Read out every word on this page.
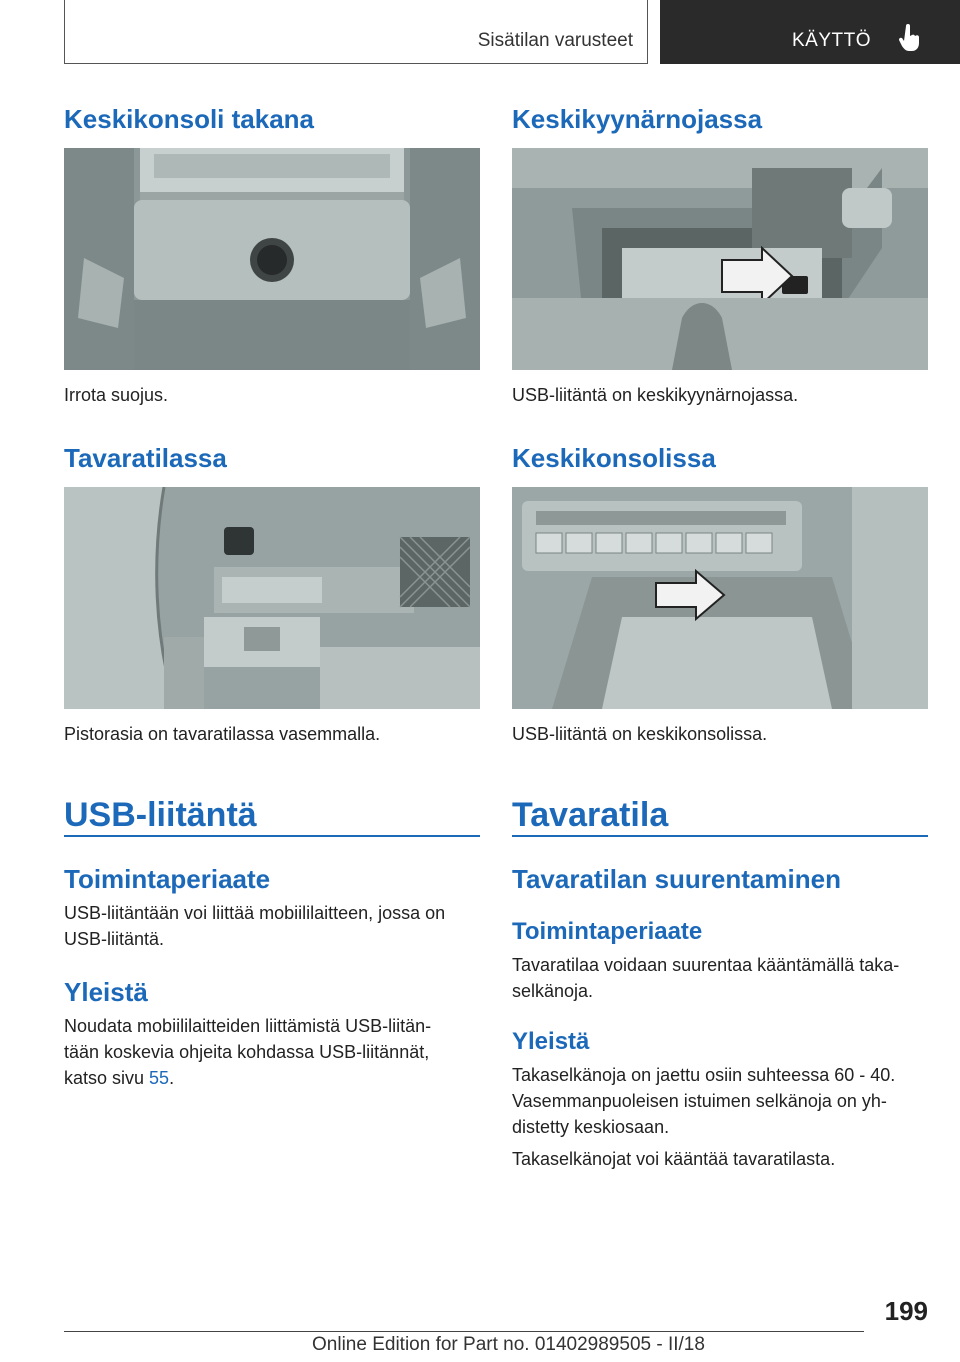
Sisätilan varusteet	KÄYTTÖ
Keskikonsoli takana

Irrota suojus.

Tavaratilassa

Pistorasia on tavaratilassa vasemmalla.

USB-liitäntä
Toimintaperiaate

USB-liitäntään voi liittää mobiililaitteen, jossa on
USB-liitäntä.

Yleistä

Noudata mobiililaitteiden liittämistä USB-liitän-
tään koskevia ohjeita kohdassa USB-liitännät,
katso sivu 55.

Keskikyynärnojassa

USB-liitäntä on keskikyynärnojassa.

Keskikonsolissa

USB-liitäntä on keskikonsolissa.

Tavaratila
Tavaratilan suurentaminen
Toimintaperiaate

Tavaratilaa voidaan suurentaa kääntämällä taka-
selkänoja.

Yleistä

Takaselkänoja on jaettu osiin suhteessa 60 - 40.
Vasemmanpuoleisen istuimen selkänoja on yh-
distetty keskiosaan.

Takaselkänojat voi kääntää tavaratilasta.

199
Online Edition for Part no. 01402989505 - II/18
